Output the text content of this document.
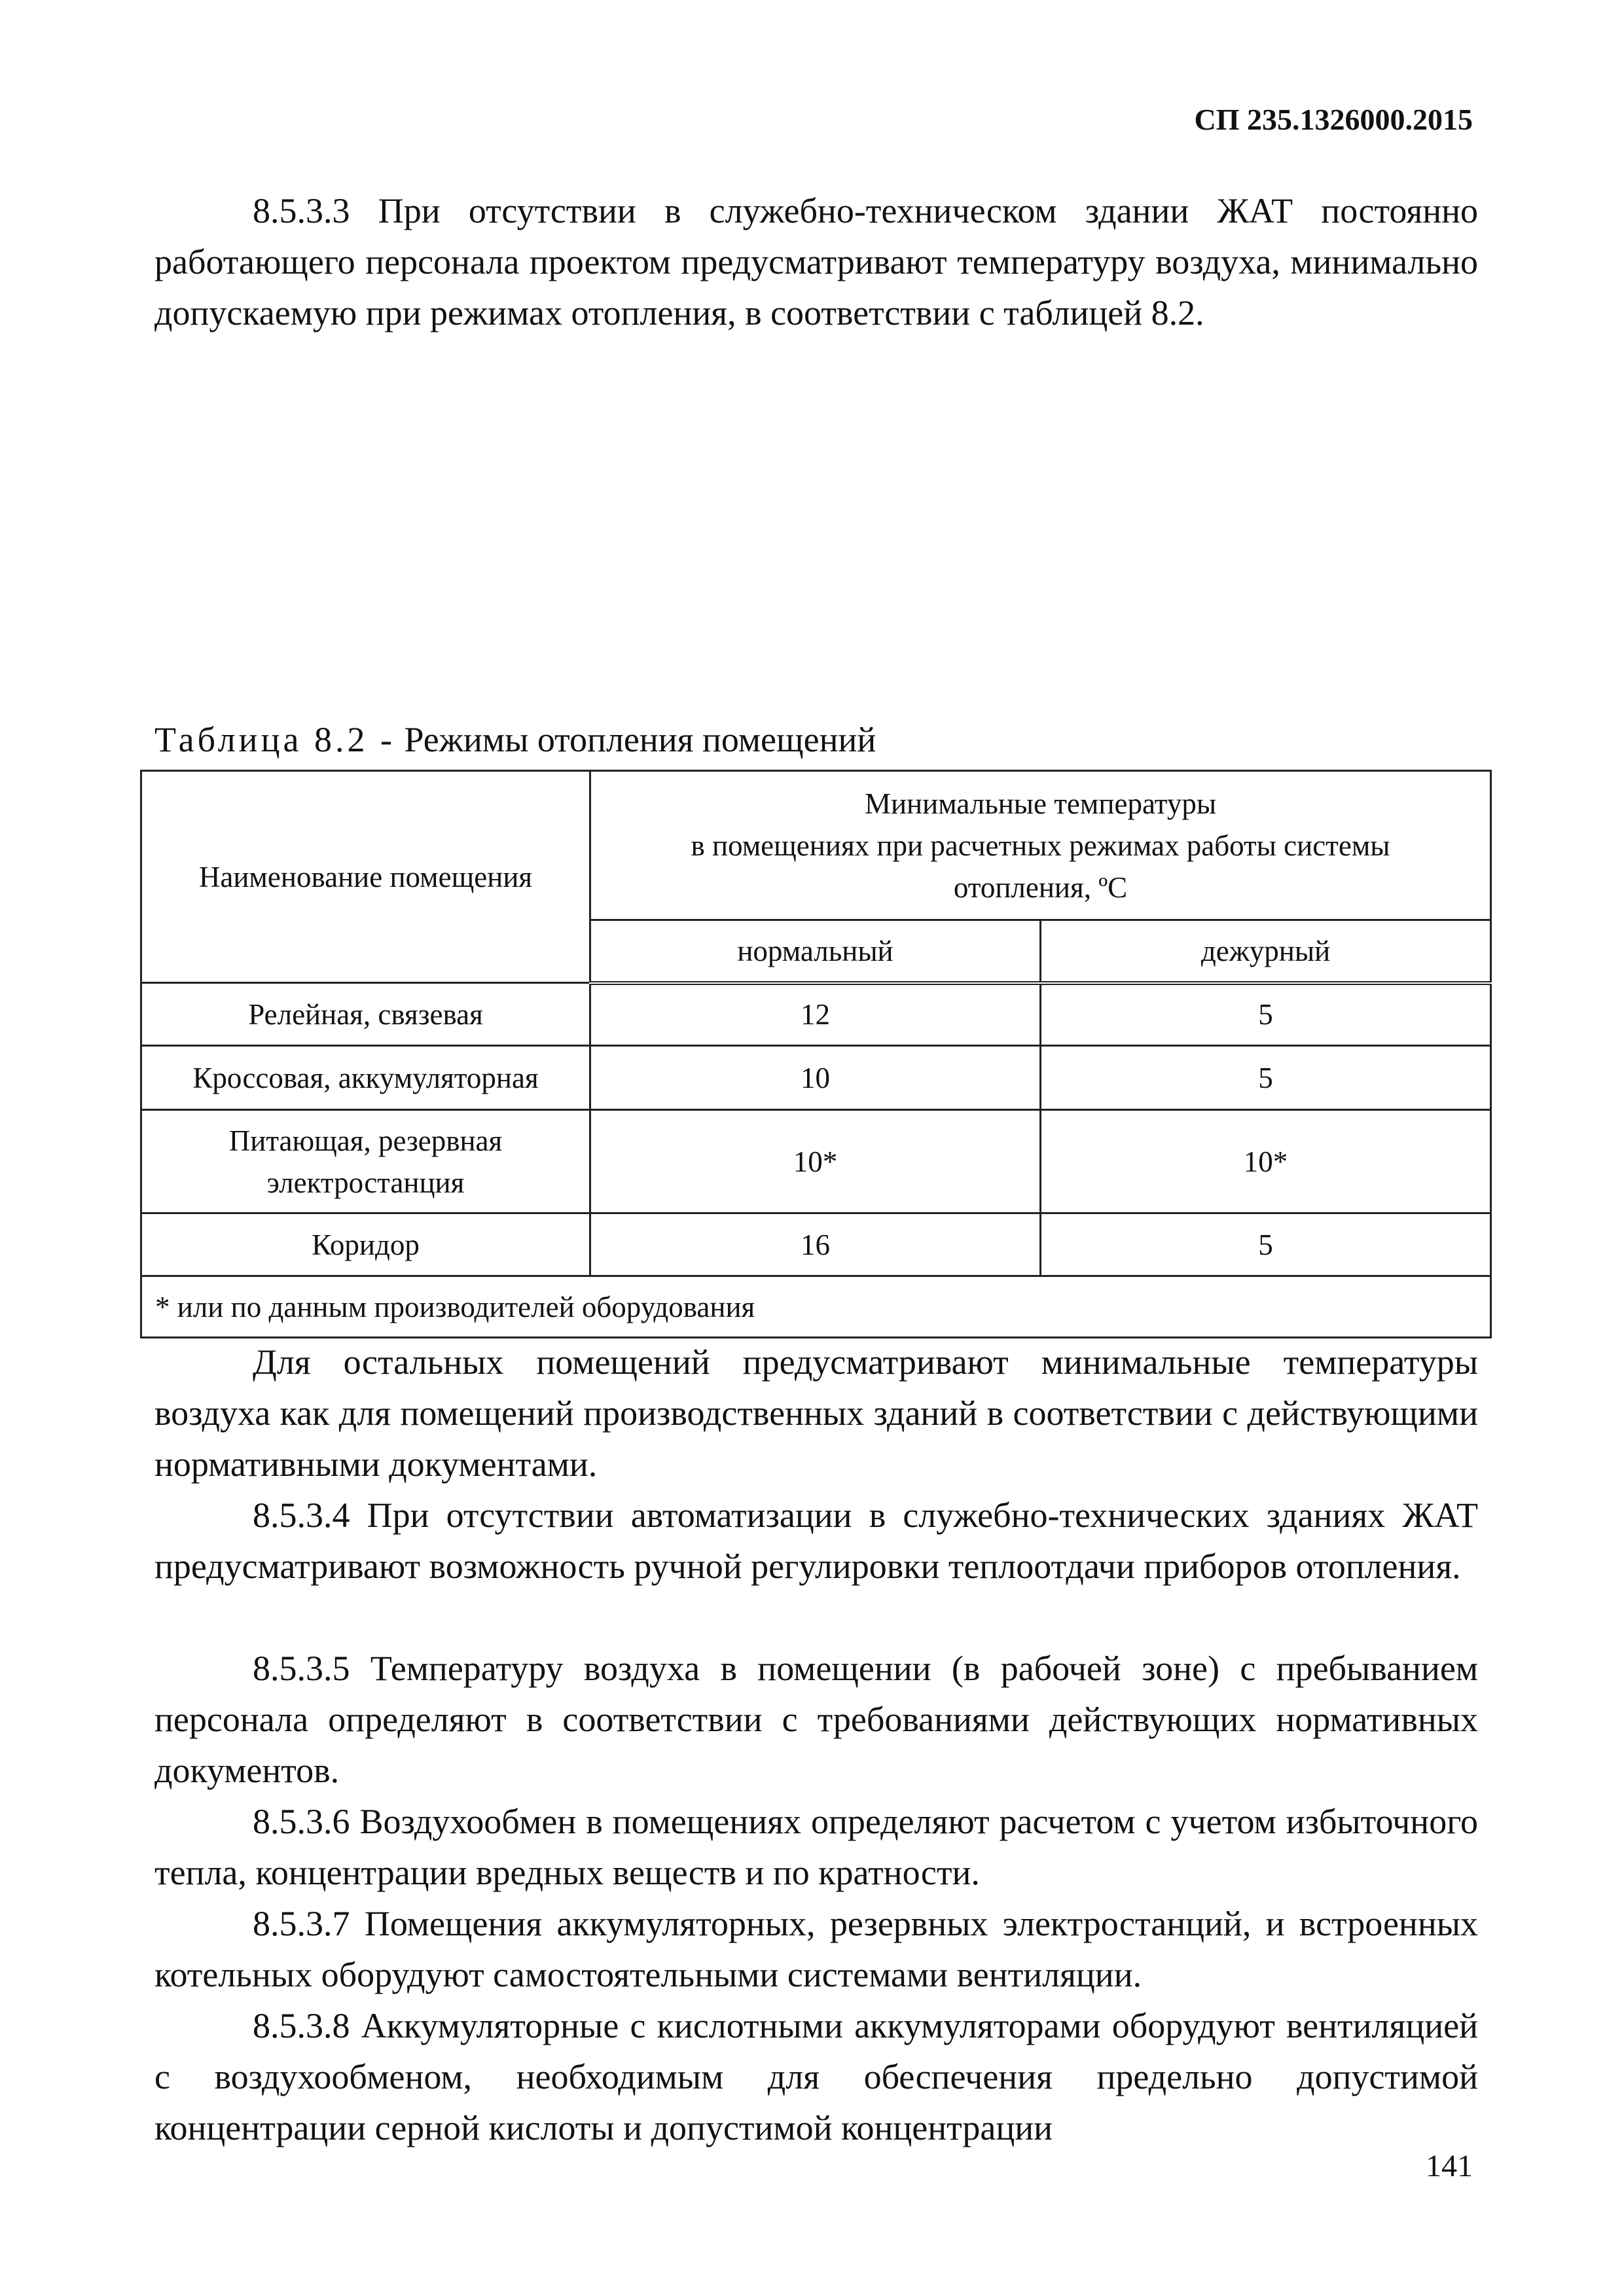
СП 235.1326000.2015

8.5.3.3 При отсутствии в служебно-техническом здании ЖАТ постоянно работающего персонала проектом предусматривают температуру воздуха, минимально допускаемую при режимах отопления, в соответствии с таблицей 8.2.

Таблица 8.2 - Режимы отопления помещений
Наименование помещения	Минимальные температуры
в помещениях при расчетных режимах работы системы
отопления, ºС	

	нормальный	дежурный
Релейная, связевая	12	5
Кроссовая, аккумуляторная	10	5

Питающая, резервная
электростанция	10*	10*
Коридор	16	5
* или по данным производителей оборудования		

Для остальных помещений предусматривают минимальные температуры воздуха как для помещений производственных зданий в соответствии с действующими нормативными документами.

8.5.3.4 При отсутствии автоматизации в служебно-технических зданиях ЖАТ предусматривают возможность ручной регулировки теплоотдачи приборов отопления.

8.5.3.5 Температуру воздуха в помещении (в рабочей зоне) с пребыванием персонала определяют в соответствии с требованиями действующих нормативных документов.

8.5.3.6 Воздухообмен в помещениях определяют расчетом с учетом избыточного тепла, концентрации вредных веществ и по кратности.

8.5.3.7 Помещения аккумуляторных, резервных электростанций, и встроенных котельных оборудуют самостоятельными системами вентиляции.

8.5.3.8 Аккумуляторные с кислотными аккумуляторами оборудуют вентиляцией с воздухообменом, необходимым для обеспечения предельно допустимой концентрации серной кислоты и допустимой концентрации

141
